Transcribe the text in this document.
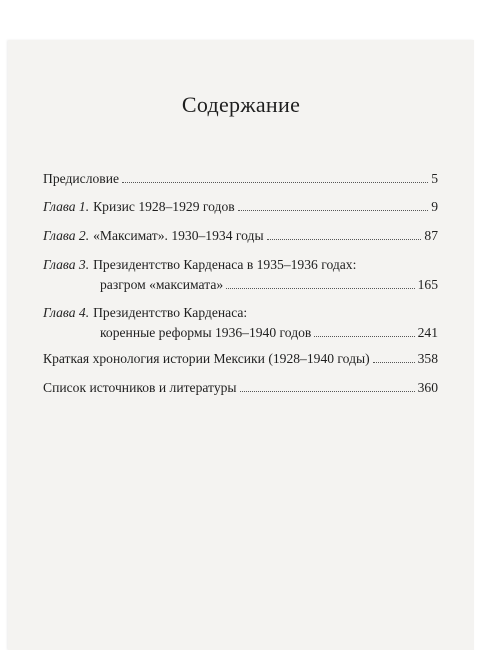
Содержание
Предисловие	5
Глава 1. Кризис 1928–1929 годов	9
Глава 2. «Максимат». 1930–1934 годы	87
Глава 3. Президентство Карденаса в 1935–1936 годах:
разгром «максимата»	165
Глава 4. Президентство Карденаса:
коренные реформы 1936–1940 годов	241
Краткая хронология истории Мексики (1928–1940 годы)	358
Список источников и литературы	360
